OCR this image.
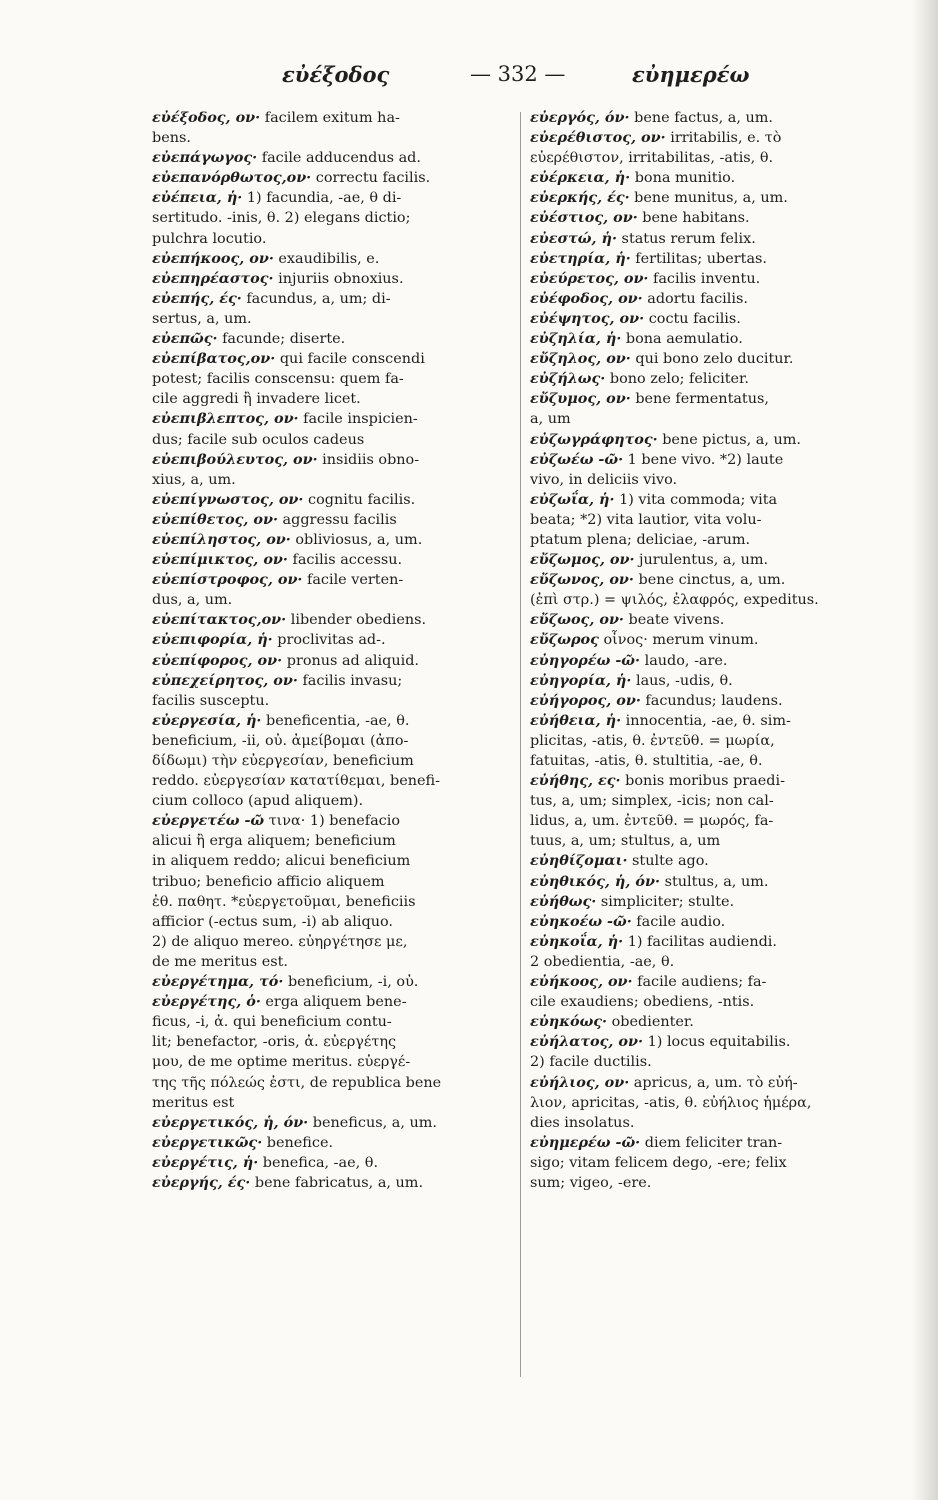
εὐέξοδος	— 332 —	εὐημερέω
εὐέξοδος, ον· facilem exitum ha-
bens.
εὐεπάγωγος· facile adducendus ad.
εὐεπανόρθωτος,ον· correctu facilis.
εὐέπεια, ἡ· 1) facundia, -ae, θ di-
sertitudo. -inis, θ. 2) elegans dictio;
pulchra locutio.
εὐεπήκοος, ον· exaudibilis, e.
εὐεπηρέαστος· injuriis obnoxius.
εὐεπής, ές· facundus, a, um; di-
sertus, a, um.
εὐεπῶς· facunde; diserte.
εὐεπίβατος,ον· qui facile conscendi
potest; facilis conscensu: quem fa-
cile aggredi ἢ invadere licet.
εὐεπιβλεπτος, ον· facile inspicien-
dus; facile sub oculos cadeus
εὐεπιβούλευτος, ον· insidiis obno-
xius, a, um.
εὐεπίγνωστος, ον· cognitu facilis.
εὐεπίθετος, ον· aggressu facilis
εὐεπίληστος, ον· obliviosus, a, um.
εὐεπίμικτος, ον· facilis accessu.
εὐεπίστροφος, ον· facile verten-
dus, a, um.
εὐεπίτακτος,ον· libender obediens.
εὐεπιφορία, ἡ· proclivitas ad-.
εὐεπίφορος, ον· pronus ad aliquid.
εὐπεχείρητος, ον· facilis invasu;
facilis susceptu.
εὐεργεσία, ἡ· beneficentia, -ae, θ.
beneficium, -ii, οὐ. ἀμείβομαι (ἀπο-
δίδωμι) τὴν εὐεργεσίαν, beneficium
reddo. εὐεργεσίαν κατατίθεμαι, benefi-
cium colloco (apud aliquem).
εὐεργετέω -ῶ τινα· 1) benefacio
alicui ἢ erga aliquem; beneficium
in aliquem reddo; alicui beneficium
tribuo; beneficio afficio aliquem
ἐθ. παθητ. *εὐεργετοῦμαι, beneficiis
afficior (-ectus sum, -i) ab aliquo.
2) de aliquo mereo. εὐηργέτησε με,
de me meritus est.
εὐεργέτημα, τό· beneficium, -i, οὐ.
εὐεργέτης, ὁ· erga aliquem bene-
ficus, -i, ἀ. qui beneficium contu-
lit; benefactor, -oris, ἀ. εὐεργέτης
μου, de me optime meritus. εὐεργέ-
της τῆς πόλεώς ἐστι, de republica bene
meritus est
εὐεργετικός, ἡ, όν· beneficus, a, um.
εὐεργετικῶς· benefice.
εὐεργέτις, ἡ· benefica, -ae, θ.
εὐεργής, ές· bene fabricatus, a, um.
εὐεργός, όν· bene factus, a, um.
εὐερέθιστος, ον· irritabilis, e. τὸ
εὐερέθιστον, irritabilitas, -atis, θ.
εὐέρκεια, ἡ· bona munitio.
εὐερκής, ές· bene munitus, a, um.
εὐέστιος, ον· bene habitans.
εὐεστώ, ἡ· status rerum felix.
εὐετηρία, ἡ· fertilitas; ubertas.
εὐεύρετος, ον· facilis inventu.
εὐέφοδος, ον· adortu facilis.
εὐέψητος, ον· coctu facilis.
εὐζηλία, ἡ· bona aemulatio.
εὔζηλος, ον· qui bono zelo ducitur.
εὐζήλως· bono zelo; feliciter.
εὔζυμος, ον· bene fermentatus,
a, um
εὐζωγράφητος· bene pictus, a, um.
εὐζωέω -ῶ· 1 bene vivo. *2) laute
vivo, in deliciis vivo.
εὐζωΐα, ἡ· 1) vita commoda; vita
beata; *2) vita lautior, vita volu-
ptatum plena; deliciae, -arum.
εὔζωμος, ον· jurulentus, a, um.
εὔζωνος, ον· bene cinctus, a, um.
(ἐπὶ στρ.) = ψιλός, ἐλαφρός, expeditus.
εὔζωος, ον· beate vivens.
εὔζωρος οἶνος· merum vinum.
εὐηγορέω -ῶ· laudo, -are.
εὐηγορία, ἡ· laus, -udis, θ.
εὐήγορος, ον· facundus; laudens.
εὐήθεια, ἡ· innocentia, -ae, θ. sim-
plicitas, -atis, θ. ἐντεῦθ. = μωρία,
fatuitas, -atis, θ. stultitia, -ae, θ.
εὐήθης, ες· bonis moribus praedi-
tus, a, um; simplex, -icis; non cal-
lidus, a, um. ἐντεῦθ. = μωρός, fa-
tuus, a, um; stultus, a, um
εὐηθίζομαι· stulte ago.
εὐηθικός, ἡ, όν· stultus, a, um.
εὐήθως· simpliciter; stulte.
εὐηκοέω -ῶ· facile audio.
εὐηκοΐα, ἡ· 1) facilitas audiendi.
2 obedientia, -ae, θ.
εὐήκοος, ον· facile audiens; fa-
cile exaudiens; obediens, -ntis.
εὐηκόως· obedienter.
εὐήλατος, ον· 1) locus equitabilis.
2) facile ductilis.
εὐήλιος, ον· apricus, a, um. τὸ εὐή-
λιον, apricitas, -atis, θ. εὐήλιος ἡμέρα,
dies insolatus.
εὐημερέω -ῶ· diem feliciter tran-
sigo; vitam felicem dego, -ere; felix
sum; vigeo, -ere.
